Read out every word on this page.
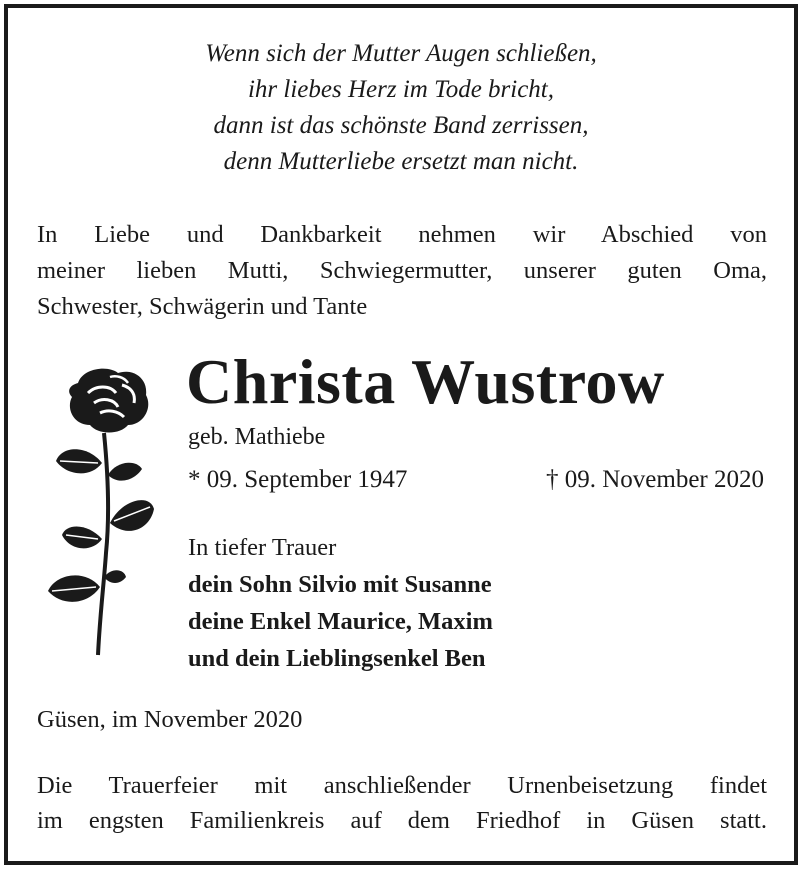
Wenn sich der Mutter Augen schließen,
ihr liebes Herz im Tode bricht,
dann ist das schönste Band zerrissen,
denn Mutterliebe ersetzt man nicht.
In Liebe und Dankbarkeit nehmen wir Abschied von
meiner lieben Mutti, Schwiegermutter, unserer guten Oma,
Schwester, Schwägerin und Tante
Christa Wustrow
geb. Mathiebe
* 09. September 1947	† 09. November 2020
In tiefer Trauer
dein Sohn Silvio mit Susanne
deine Enkel Maurice, Maxim
und dein Lieblingsenkel Ben
Güsen, im November 2020
Die Trauerfeier mit anschließender Urnenbeisetzung findet
im engsten Familienkreis auf dem Friedhof in Güsen statt.
